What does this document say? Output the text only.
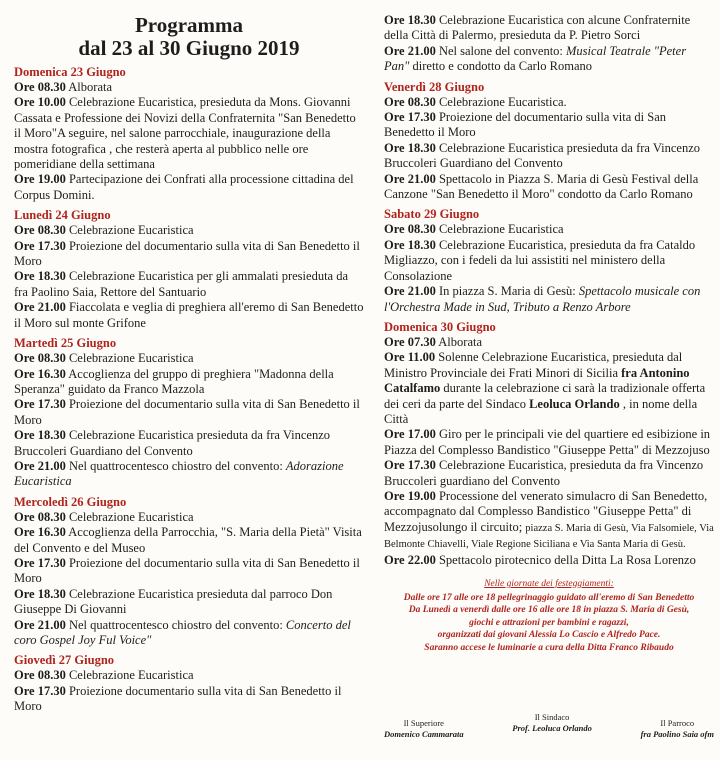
Programma
dal 23 al 30 Giugno 2019
Domenica 23 Giugno
Ore 08.30 Alborata
Ore 10.00 Celebrazione Eucaristica, presieduta da Mons. Giovanni Cassata e Professione dei Novizi della Confraternita "San Benedetto il Moro"A seguire, nel salone parrocchiale, inaugurazione della mostra fotografica , che resterà aperta al pubblico nelle ore pomeridiane della settimana
Ore 19.00 Partecipazione dei Confrati alla processione cittadina del Corpus Domini.
Lunedì 24 Giugno
Ore 08.30 Celebrazione Eucaristica
Ore 17.30 Proiezione del documentario sulla vita di San Benedetto il Moro
Ore 18.30 Celebrazione Eucaristica per gli ammalati presieduta da fra Paolino Saia, Rettore del Santuario
Ore 21.00 Fiaccolata e veglia di preghiera all'eremo di San Benedetto il Moro sul monte Grifone
Martedì 25 Giugno
Ore 08.30 Celebrazione Eucaristica
Ore 16.30 Accoglienza del gruppo di preghiera "Madonna della Speranza" guidato da Franco Mazzola
Ore 17.30 Proiezione del documentario sulla vita di San Benedetto il Moro
Ore 18.30 Celebrazione Eucaristica presieduta da fra Vincenzo Bruccoleri Guardiano del Convento
Ore 21.00 Nel quattrocentesco chiostro del convento: Adorazione Eucaristica
Mercoledì 26 Giugno
Ore 08.30 Celebrazione Eucaristica
Ore 16.30 Accoglienza della Parrocchia, "S. Maria della Pietà" Visita del Convento e del Museo
Ore 17.30 Proiezione del documentario sulla vita di San Benedetto il Moro
Ore 18.30 Celebrazione Eucaristica presieduta dal parroco Don Giuseppe Di Giovanni
Ore 21.00 Nel quattrocentesco chiostro del convento: Concerto del coro Gospel Joy Ful Voice"
Giovedì 27 Giugno
Ore 08.30 Celebrazione Eucaristica
Ore 17.30 Proiezione documentario sulla vita di San Benedetto il Moro
Ore 18.30 Celebrazione Eucaristica con alcune Confraternite della Città di Palermo, presieduta da P. Pietro Sorci
Ore 21.00 Nel salone del convento: Musical Teatrale "Peter Pan" diretto e condotto da Carlo Romano
Venerdì 28 Giugno
Ore 08.30 Celebrazione Eucaristica.
Ore 17.30 Proiezione del documentario sulla vita di San Benedetto il Moro
Ore 18.30 Celebrazione Eucaristica presieduta da fra Vincenzo Bruccoleri Guardiano del Convento
Ore 21.00 Spettacolo in Piazza S. Maria di Gesù Festival della Canzone "San Benedetto il Moro" condotto da Carlo Romano
Sabato 29 Giugno
Ore 08.30 Celebrazione Eucaristica
Ore 18.30 Celebrazione Eucaristica, presieduta da fra Cataldo Migliazzo, con i fedeli da lui assistiti nel ministero della Consolazione
Ore 21.00 In piazza S. Maria di Gesù: Spettacolo musicale con l'Orchestra Made in Sud, Tributo a Renzo Arbore
Domenica 30 Giugno
Ore 07.30 Alborata
Ore 11.00 Solenne Celebrazione Eucaristica, presieduta dal Ministro Provinciale dei Frati Minori di Sicilia fra Antonino Catalfamo durante la celebrazione ci sarà la tradizionale offerta dei ceri da parte del Sindaco Leoluca Orlando , in nome della Città
Ore 17.00 Giro per le principali vie del quartiere ed esibizione in Piazza del Complesso Bandistico "Giuseppe Petta" di Mezzojuso
Ore 17.30 Celebrazione Eucaristica, presieduta da fra Vincenzo Bruccoleri guardiano del Convento
Ore 19.00 Processione del venerato simulacro di San Benedetto, accompagnato dal Complesso Bandistico "Giuseppe Petta" di Mezzojusolungo il circuito; piazza S. Maria di Gesù, Via Falsomiele, Via Belmonte Chiavelli, Viale Regione Siciliana e Via Santa Maria di Gesù.
Ore 22.00 Spettacolo pirotecnico della Ditta La Rosa Lorenzo
Nelle giornate dei festeggiamenti:
Dalle ore 17 alle ore 18 pellegrinaggio guidato all'eremo di San Benedetto
Da Lunedì a venerdì dalle ore 16 alle ore 18 in piazza S. Maria di Gesù,
giochi e attrazioni per bambini e ragazzi,
organizzati dai giovani Alessia Lo Cascio e Alfredo Pace.
Saranno accese le luminarie a cura della Ditta Franco Ribaudo
Il Superiore
Domenico Cammarata
Il Sindaco
Prof. Leoluca Orlando	Il Parroco
fra Paolino Saia ofm
